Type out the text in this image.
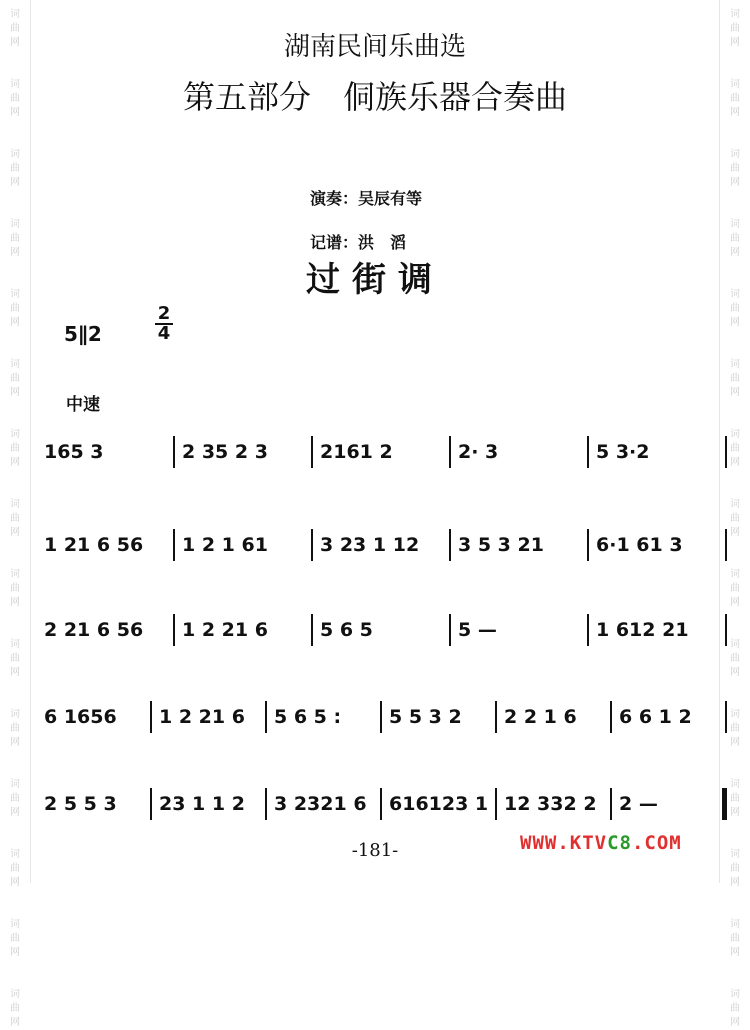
词
曲
网
词
曲
网
词
曲
网
词
曲
网
词
曲
网
词
曲
网
词
曲
网
词
曲
网
词
曲
网
词
曲
网
词
曲
网
词
曲
网
词
曲
网
词
曲
网
词
曲
网
词
曲
网
词
曲
网
词
曲
网
词
曲
网
词
曲
网
词
曲
网
词
曲
网
词
曲
网
词
曲
网
词
曲
网
词
曲
网
词
曲
网
词
曲
网
词
曲
网
词
曲
网
湖南民间乐曲选
第五部分　侗族乐器合奏曲
演奏：吴辰有等
记谱：洪　滔
过街调
5∥2
2
4
中速
165 3	2 35 2 3	2161 2	2· 3	5 3·2
1 21 6 56	1 2 1 61	3 23 1 12	3 5 3 21	6·1 61 3
2 21 6 56	1 2 21 6	5 6 5	5 —	1 612 21
6 1656	1 2 21 6	5 6 5 :	5 5 3 2	2 2 1 6	6 6 1 2
2 5 5 3	23 1 1 2	3 2321 6	616123 1 12 332 2	2 —
-181-	WWW.KTVC8.COM
